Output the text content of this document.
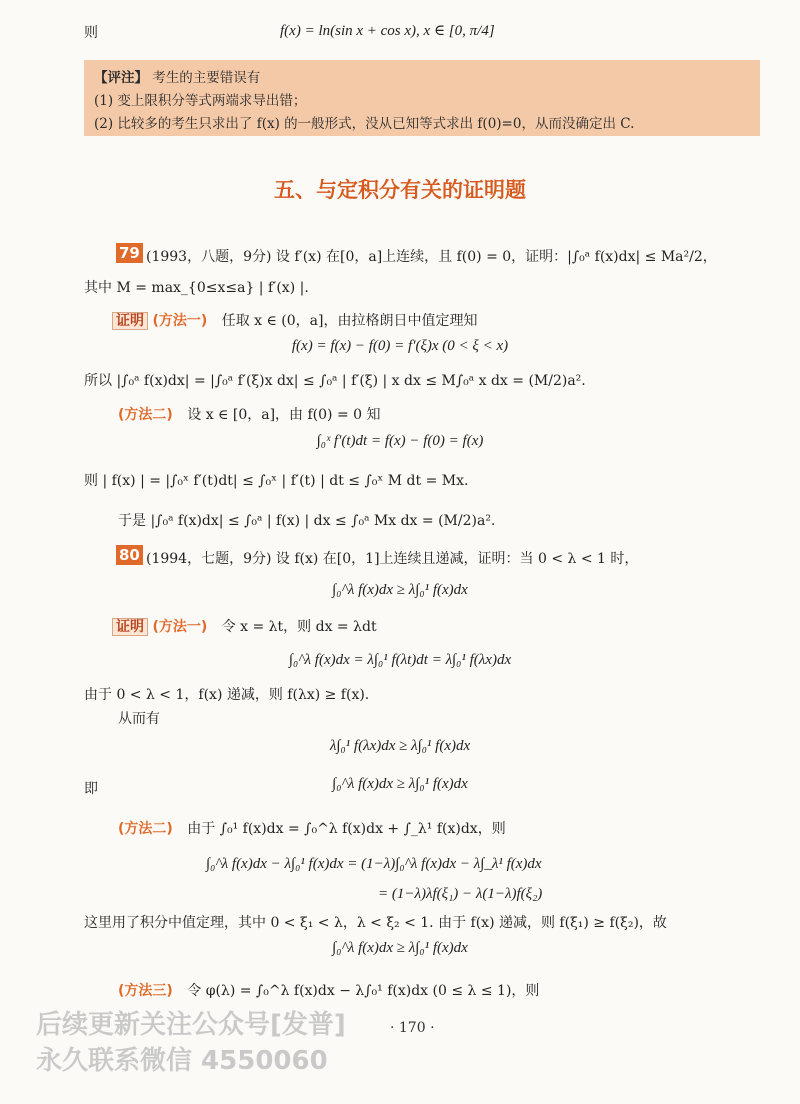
则	f(x) = ln(sin x + cos x), x ∈ [0, π/4]
【评注】 考生的主要错误有
(1) 变上限积分等式两端求导出错；
(2) 比较多的考生只求出了 f(x) 的一般形式，没从已知等式求出 f(0)=0，从而没确定出 C.
五、与定积分有关的证明题
79 (1993，八题，9分) 设 f′(x) 在[0，a]上连续，且 f(0) = 0，证明：|∫₀ᵃ f(x)dx| ≤ Ma²/2，
其中 M = max_{0≤x≤a} | f′(x) |.
证明 (方法一) 任取 x ∈ (0，a]，由拉格朗日中值定理知
f(x) = f(x) − f(0) = f′(ξ)x (0 < ξ < x)
所以 |∫₀ᵃ f(x)dx| = |∫₀ᵃ f′(ξ)x dx| ≤ ∫₀ᵃ | f′(ξ) | x dx ≤ M∫₀ᵃ x dx = (M/2)a².
(方法二) 设 x ∈ [0，a]，由 f(0) = 0 知
∫₀ˣ f′(t)dt = f(x) − f(0) = f(x)
则 | f(x) | = |∫₀ˣ f′(t)dt| ≤ ∫₀ˣ | f′(t) | dt ≤ ∫₀ˣ M dt = Mx.
于是 |∫₀ᵃ f(x)dx| ≤ ∫₀ᵃ | f(x) | dx ≤ ∫₀ᵃ Mx dx = (M/2)a².
80 (1994，七题，9分) 设 f(x) 在[0，1]上连续且递减，证明：当 0 < λ < 1 时，
∫₀^λ f(x)dx ≥ λ∫₀¹ f(x)dx
证明 (方法一) 令 x = λt，则 dx = λdt
∫₀^λ f(x)dx = λ∫₀¹ f(λt)dt = λ∫₀¹ f(λx)dx
由于 0 < λ < 1，f(x) 递减，则 f(λx) ≥ f(x).
从而有
λ∫₀¹ f(λx)dx ≥ λ∫₀¹ f(x)dx
即	∫₀^λ f(x)dx ≥ λ∫₀¹ f(x)dx
(方法二) 由于 ∫₀¹ f(x)dx = ∫₀^λ f(x)dx + ∫_λ¹ f(x)dx，则
∫₀^λ f(x)dx − λ∫₀¹ f(x)dx = (1−λ)∫₀^λ f(x)dx − λ∫_λ¹ f(x)dx
= (1−λ)λf(ξ₁) − λ(1−λ)f(ξ₂)
这里用了积分中值定理，其中 0 < ξ₁ < λ，λ < ξ₂ < 1. 由于 f(x) 递减，则 f(ξ₁) ≥ f(ξ₂)，故
∫₀^λ f(x)dx ≥ λ∫₀¹ f(x)dx
(方法三) 令 φ(λ) = ∫₀^λ f(x)dx − λ∫₀¹ f(x)dx (0 ≤ λ ≤ 1)，则
· 170 ·
后续更新关注公众号[发普]
永久联系微信 4550060
